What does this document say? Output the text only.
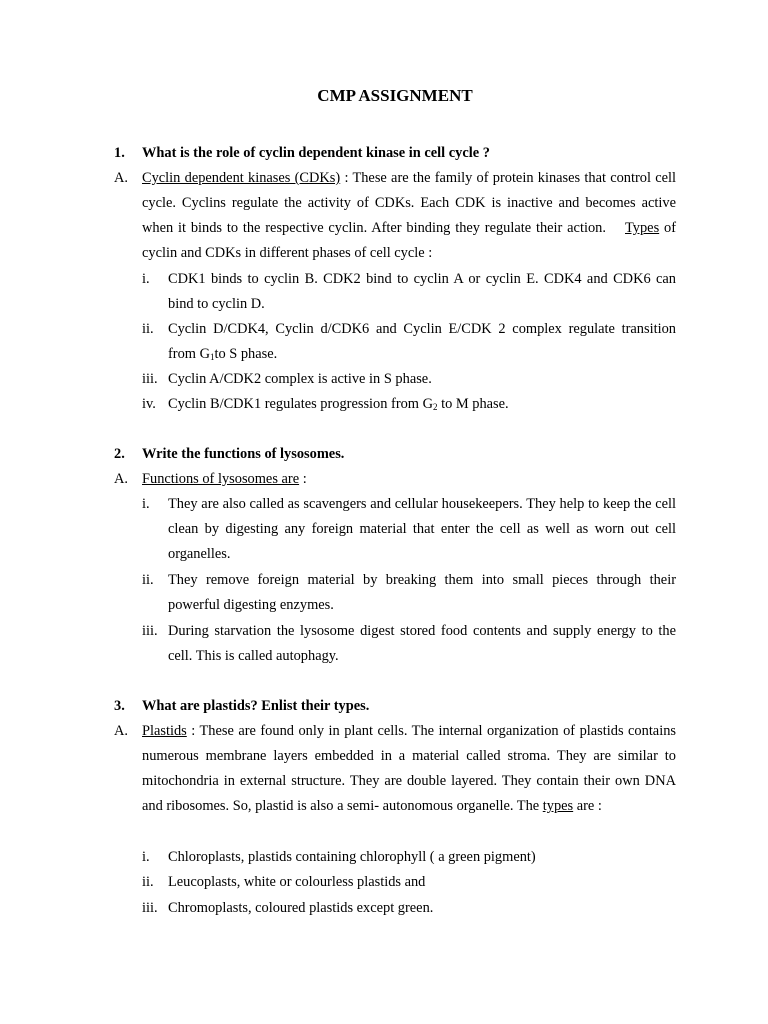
CMP ASSIGNMENT
1. What is the role of cyclin dependent kinase in cell cycle ?
A. Cyclin dependent kinases (CDKs) : These are the family of protein kinases that control cell cycle. Cyclins regulate the activity of CDKs. Each CDK is inactive and becomes active when it binds to the respective cyclin. After binding they regulate their action. Types of cyclin and CDKs in different phases of cell cycle :
i. CDK1 binds to cyclin B. CDK2 bind to cyclin A or cyclin E. CDK4 and CDK6 can bind to cyclin D.
ii. Cyclin D/CDK4, Cyclin d/CDK6 and Cyclin E/CDK 2 complex regulate transition from $G_1to$ S phase.
iii. Cyclin A/CDK2 complex is active in S phase.
iv. Cyclin B/CDK1 regulates progression from $G_2$ to M phase.
2. Write the functions of lysosomes.
A. Functions of lysosomes are :
i. They are also called as scavengers and cellular housekeepers. They help to keep the cell clean by digesting any foreign material that enter the cell as well as worn out cell organelles.
ii. They remove foreign material by breaking them into small pieces through their powerful digesting enzymes.
iii. During starvation the lysosome digest stored food contents and supply energy to the cell. This is called autophagy.
3. What are plastids? Enlist their types.
A. Plastids : These are found only in plant cells. The internal organization of plastids contains numerous membrane layers embedded in a material called stroma. They are similar to mitochondria in external structure. They are double layered. They contain their own DNA and ribosomes. So, plastid is also a semi- autonomous organelle. The types are :
i. Chloroplasts, plastids containing chlorophyll ( a green pigment)
ii. Leucoplasts, white or colourless plastids and
iii. Chromoplasts, coloured plastids except green.
